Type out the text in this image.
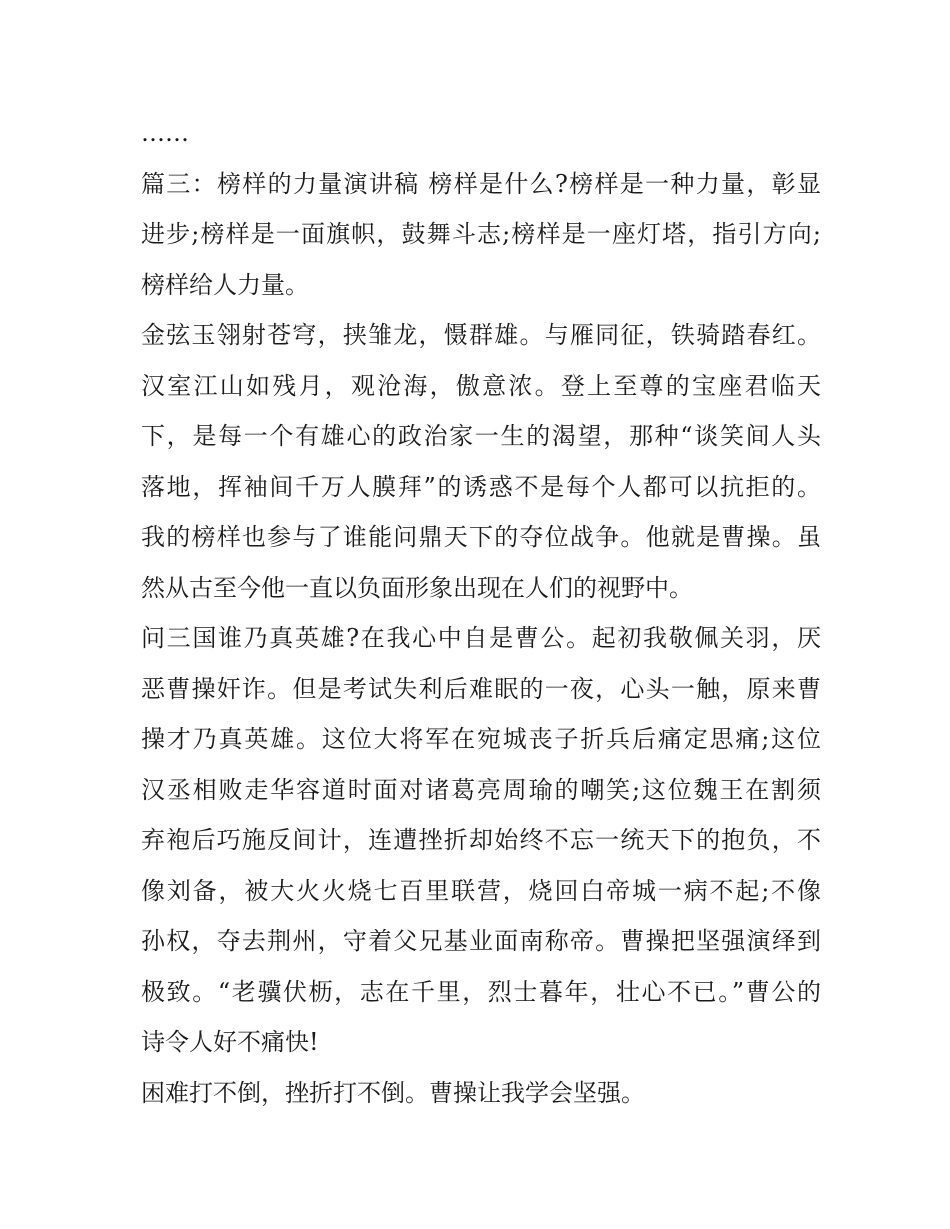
……
篇三：榜样的力量演讲稿 榜样是什么?榜样是一种力量，彰显
进步;榜样是一面旗帜，鼓舞斗志;榜样是一座灯塔，指引方向;
榜样给人力量。
金弦玉翎射苍穹，挟雏龙，慑群雄。与雁同征，铁骑踏春红。
汉室江山如残月，观沧海，傲意浓。登上至尊的宝座君临天
下，是每一个有雄心的政治家一生的渴望，那种“谈笑间人头
落地，挥袖间千万人膜拜”的诱惑不是每个人都可以抗拒的。
我的榜样也参与了谁能问鼎天下的夺位战争。他就是曹操。虽
然从古至今他一直以负面形象出现在人们的视野中。
问三国谁乃真英雄?在我心中自是曹公。起初我敬佩关羽，厌
恶曹操奸诈。但是考试失利后难眠的一夜，心头一触，原来曹
操才乃真英雄。这位大将军在宛城丧子折兵后痛定思痛;这位
汉丞相败走华容道时面对诸葛亮周瑜的嘲笑;这位魏王在割须
弃袍后巧施反间计，连遭挫折却始终不忘一统天下的抱负，不
像刘备，被大火火烧七百里联营，烧回白帝城一病不起;不像
孙权，夺去荆州，守着父兄基业面南称帝。曹操把坚强演绎到
极致。“老骥伏枥，志在千里，烈士暮年，壮心不已。”曹公的
诗令人好不痛快!
困难打不倒，挫折打不倒。曹操让我学会坚强。
